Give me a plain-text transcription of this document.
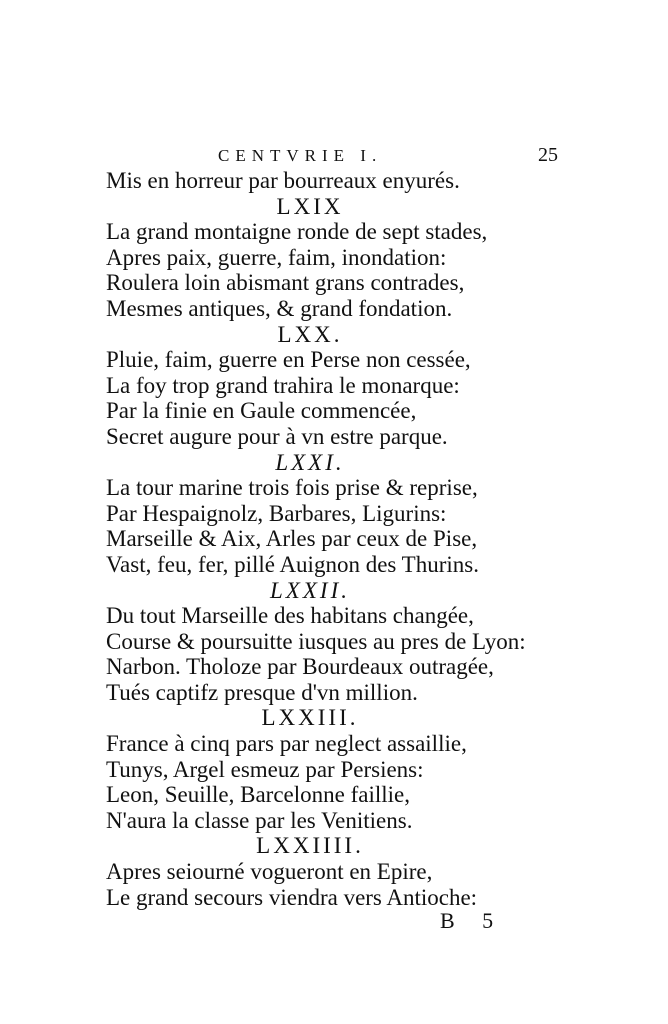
CENTVRIE I.	25
Mis en horreur par bourreaux enyurés.
LXIX
La grand montaigne ronde de sept stades,
Apres paix, guerre, faim, inondation:
Roulera loin abismant grans contrades,
Mesmes antiques, & grand fondation.
LXX.
Pluie, faim, guerre en Perse non cessée,
La foy trop grand trahira le monarque:
Par la finie en Gaule commencée,
Secret augure pour à vn estre parque.
LXXI.
La tour marine trois fois prise & reprise,
Par Hespaignolz, Barbares, Ligurins:
Marseille & Aix, Arles par ceux de Pise,
Vast, feu, fer, pillé Auignon des Thurins.
LXXII.
Du tout Marseille des habitans changée,
Course & poursuitte iusques au pres de Lyon:
Narbon. Tholoze par Bourdeaux outragée,
Tués captifz presque d'vn million.
LXXIII.
France à cinq pars par neglect assaillie,
Tunys, Argel esmeuz par Persiens:
Leon, Seuille, Barcelonne faillie,
N'aura la classe par les Venitiens.
LXXIIII.
Apres seiourné vogueront en Epire,
Le grand secours viendra vers Antioche:
B 5
